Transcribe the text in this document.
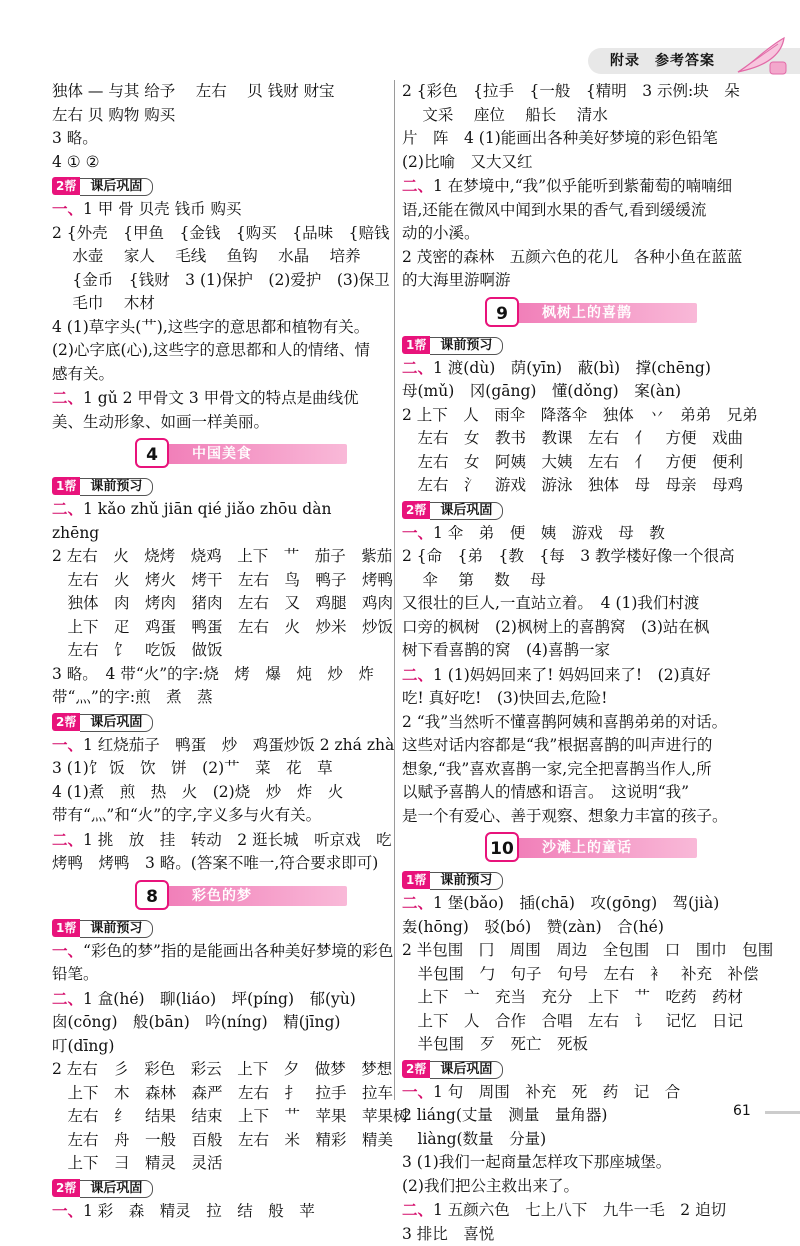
附录　参考答案
独体 — 与其 给予　 左右　 贝 钱财 财宝
左右 贝 购物 购买
3 略。
4 ① ②
2帮 课后巩固
一、1 甲 骨 贝壳 钱币 购买
2 {外壳　{甲鱼　{金钱　{购买　{品味　{赔钱
　 水壶　 家人　 毛线　 鱼钩　 水晶　 培养
　 {金币　{钱财　3 (1)保护　(2)爱护　(3)保卫
　 毛巾　 木材
4 (1)草字头(艹),这些字的意思都和植物有关。
(2)心字底(心),这些字的意思都和人的情绪、情
感有关。
二、1 gǔ 2 甲骨文 3 甲骨文的特点是曲线优
美、生动形象、如画一样美丽。
4	中国美食
1帮 课前预习
二、1 kǎo zhǔ jiān qié jiǎo zhōu dàn
zhēng
2 左右　火　烧烤　烧鸡　上下　艹　茄子　紫茄
　左右　火　烤火　烤干　左右　鸟　鸭子　烤鸭
　独体　肉　烤肉　猪肉　左右　又　鸡腿　鸡肉
　上下　疋　鸡蛋　鸭蛋　左右　火　炒米　炒饭
　左右　饣　吃饭　做饭
3 略。　4 带“火”的字:烧　烤　爆　炖　炒　炸
带“灬”的字:煎　煮　蒸
2帮 课后巩固
一、1 红烧茄子　鸭蛋　炒　鸡蛋炒饭 2 zhá zhà
3 (1)饣 饭　饮　饼　(2)艹　菜　花　草
4 (1)煮　煎　热　火　(2)烧　炒　炸　火
带有“灬”和“火”的字,字义多与火有关。
二、1 挑　放　挂　转动　2 逛长城　听京戏　吃
烤鸭　烤鸭　3 略。(答案不唯一,符合要求即可)
8	彩色的梦
1帮 课前预习
一、“彩色的梦”指的是能画出各种美好梦境的彩色
铅笔。
二、1 盒(hé)　聊(liáo)　坪(píng)　郁(yù)
囱(cōng)　般(bān)　吟(níng)　精(jīng)
叮(dīng)
2 左右　彡　彩色　彩云　上下　夕　做梦　梦想
　上下　木　森林　森严　左右　扌　拉手　拉车
　左右　纟　结果　结束　上下　艹　苹果　苹果树
　左右　舟　一般　百般　左右　米　精彩　精美
　上下　彐　精灵　灵活
2帮 课后巩固
一、1 彩　森　精灵　拉　结　般　苹
2 {彩色　{拉手　{一般　{精明　3 示例:块　朵
　 文采　 座位　 船长　 清水
片　阵　4 (1)能画出各种美好梦境的彩色铅笔
(2)比喻　又大又红
二、1 在梦境中,“我”似乎能听到紫葡萄的喃喃细
语,还能在微风中闻到水果的香气,看到缓缓流
动的小溪。
2 茂密的森林　五颜六色的花儿　各种小鱼在蓝蓝
的大海里游啊游
9	枫树上的喜鹊
1帮 课前预习
二、1 渡(dù)　荫(yīn)　蔽(bì)　撑(chēng)
母(mǔ)　冈(gāng)　懂(dǒng)　案(àn)
2 上下　人　雨伞　降落伞　独体　丷　弟弟　兄弟
　左右　女　教书　教课　左右　亻　方便　戏曲
　左右　女　阿姨　大姨　左右　亻　方便　便利
　左右　氵　游戏　游泳　独体　母　母亲　母鸡
2帮 课后巩固
一、1 伞　弟　便　姨　游戏　母　教
2 {命　{弟　{教　{每　3 教学楼好像一个很高
　 伞　 第　 数　 母
又很壮的巨人,一直站立着。　4 (1)我们村渡
口旁的枫树　(2)枫树上的喜鹊窝　(3)站在枫
树下看喜鹊的窝　(4)喜鹊一家
二、1 (1)妈妈回来了! 妈妈回来了!　(2)真好
吃! 真好吃!　(3)快回去,危险!
2 “我”当然听不懂喜鹊阿姨和喜鹊弟弟的对话。
这些对话内容都是“我”根据喜鹊的叫声进行的
想象,“我”喜欢喜鹊一家,完全把喜鹊当作人,所
以赋予喜鹊人的情感和语言。　这说明“我”
是一个有爱心、善于观察、想象力丰富的孩子。
10	沙滩上的童话
1帮 课前预习
二、1 堡(bǎo)　插(chā)　攻(gōng)　驾(jià)
轰(hōng)　驳(bó)　赞(zàn)　合(hé)
2 半包围　冂　周围　周边　全包围　口　围巾　包围
　半包围　勹　句子　句号　左右　衤　补充　补偿
　上下　亠　充当　充分　上下　艹　吃药　药材
　上下　人　合作　合唱　左右　讠　记忆　日记
　半包围　歹　死亡　死板
2帮 课后巩固
一、1 句　周围　补充　死　药　记　合
2 liáng(丈量　测量　量角器)
　liàng(数量　分量)
3 (1)我们一起商量怎样攻下那座城堡。
(2)我们把公主救出来了。
二、1 五颜六色　七上八下　九牛一毛　2 迫切
3 排比　喜悦
61
